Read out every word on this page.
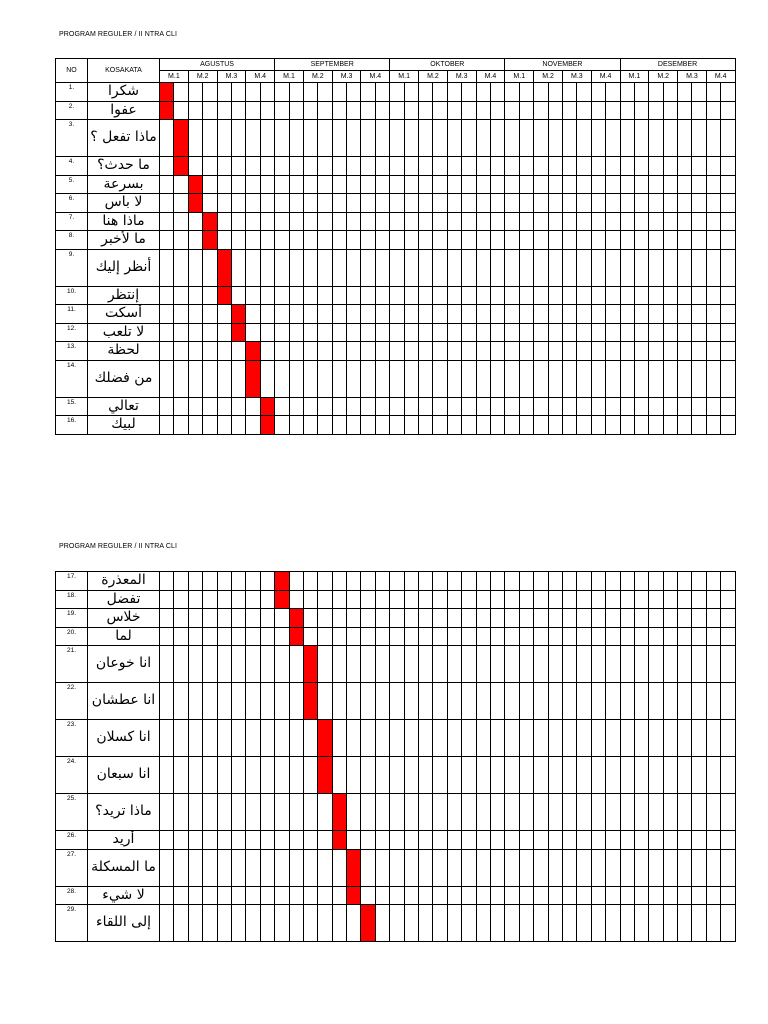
PROGRAM REGULER / II NTRA CLI
NO	KOSAKATA	AGUSTUS								SEPTEMBER								OKTOBER								NOVEMBER								DESEMBER							
		M.1		M.2		M.3		M.4		M.1		M.2		M.3		M.4		M.1		M.2		M.3		M.4		M.1		M.2		M.3		M.4		M.1		M.2		M.3		M.4	
1.	شكرا																																								
2.	عفوا																																								
3.	ماذا تفعل ؟																																								
4.	ما حدث؟																																								
5.	بسرعة																																								
6.	لا باس																																								
7.	ماذا هنا																																								
8.	ما لأخبر																																								
9.	أنظر إليك																																								
10.	إنتظر																																								
11.	أسكت																																								
12.	لا تلعب																																								
13.	لحظة																																								
14.	من فضلك																																								
15.	تعالي																																								
16.	لبيك																																								
PROGRAM REGULER / II NTRA CLI
17.	المعذرة																																								
18.	تفضل																																								
19.	خلاس																																								
20.	لما																																								
21.	انا خوعان																																								
22.	انا عطشان																																								
23.	انا كسلان																																								
24.	انا سبعان																																								
25.	ماذا تريد؟																																								
26.	أريد																																								
27.	ما المسكلة																																								
28.	لا شيء																																								
29.	إلى اللقاء																																								
